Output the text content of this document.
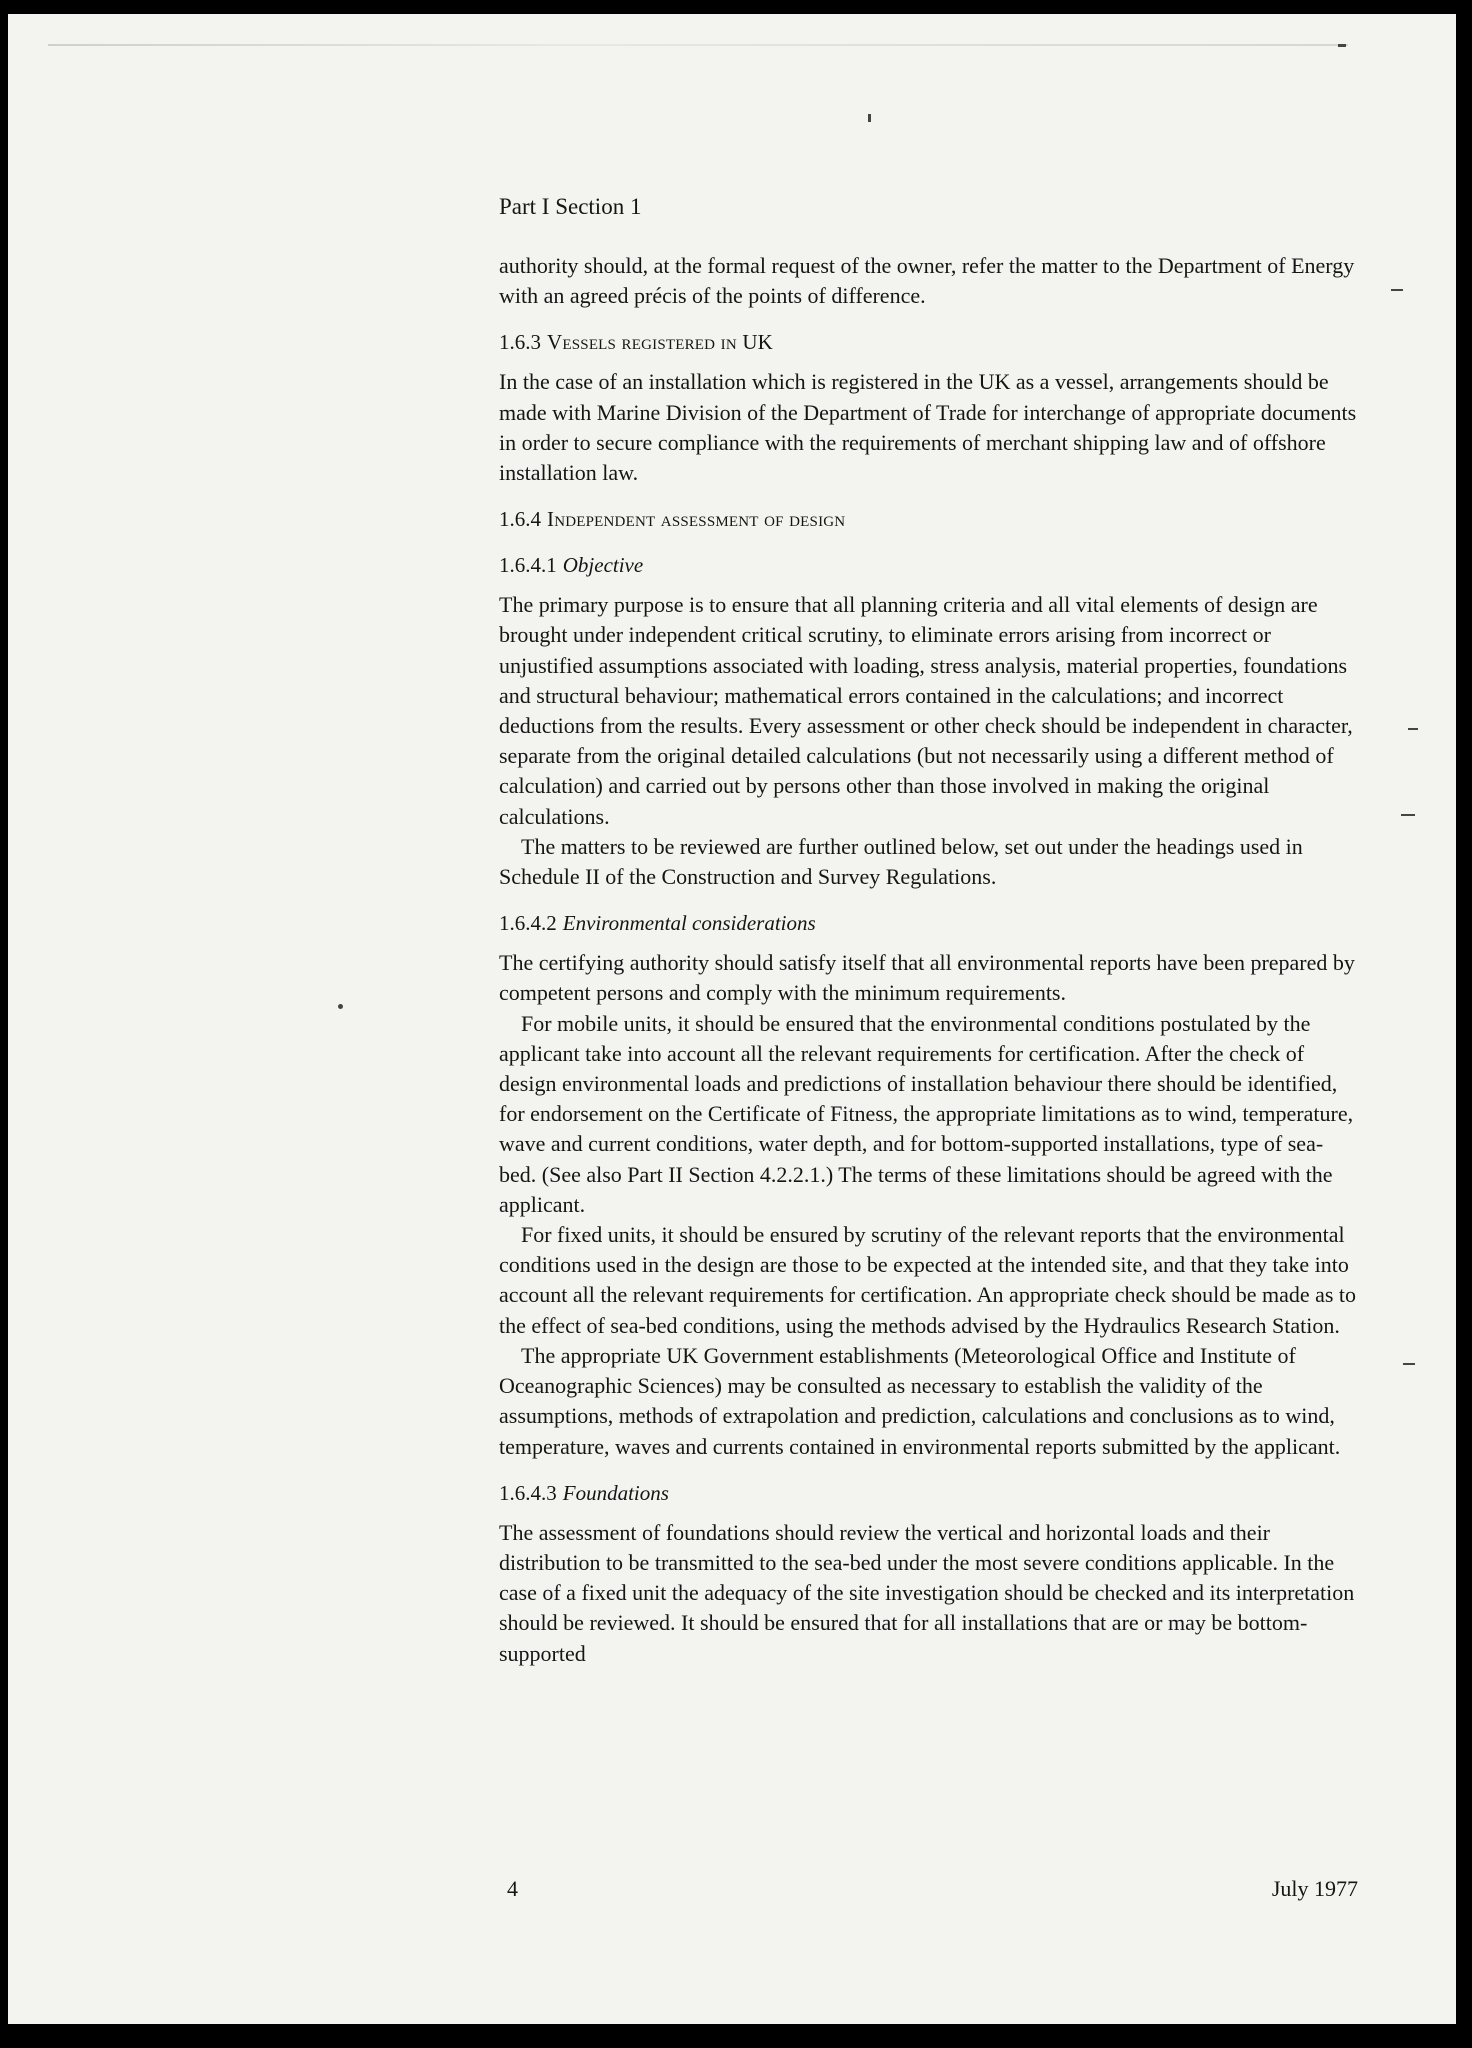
Part I Section 1

authority should, at the formal request of the owner, refer the matter to the Department of Energy with an agreed précis of the points of difference.

1.6.3 Vessels registered in UK

In the case of an installation which is registered in the UK as a vessel, arrangements should be made with Marine Division of the Department of Trade for interchange of appropriate documents in order to secure compliance with the requirements of merchant shipping law and of offshore installation law.

1.6.4 Independent assessment of design
1.6.4.1 Objective

The primary purpose is to ensure that all planning criteria and all vital elements of design are brought under independent critical scrutiny, to eliminate errors arising from incorrect or unjustified assumptions associated with loading, stress analysis, material properties, foundations and structural behaviour; mathematical errors contained in the calculations; and incorrect deductions from the results. Every assessment or other check should be independent in character, separate from the original detailed calculations (but not necessarily using a different method of calculation) and carried out by persons other than those involved in making the original calculations.

The matters to be reviewed are further outlined below, set out under the headings used in Schedule II of the Construction and Survey Regulations.

1.6.4.2 Environmental considerations

The certifying authority should satisfy itself that all environmental reports have been prepared by competent persons and comply with the minimum requirements.

For mobile units, it should be ensured that the environmental conditions postulated by the applicant take into account all the relevant requirements for certification. After the check of design environmental loads and predictions of installation behaviour there should be identified, for endorsement on the Certificate of Fitness, the appropriate limitations as to wind, temperature, wave and current conditions, water depth, and for bottom-supported installations, type of sea-bed. (See also Part II Section 4.2.2.1.) The terms of these limitations should be agreed with the applicant.

For fixed units, it should be ensured by scrutiny of the relevant reports that the environmental conditions used in the design are those to be expected at the intended site, and that they take into account all the relevant requirements for certification. An appropriate check should be made as to the effect of sea-bed conditions, using the methods advised by the Hydraulics Research Station.

The appropriate UK Government establishments (Meteorological Office and Institute of Oceanographic Sciences) may be consulted as necessary to establish the validity of the assumptions, methods of extrapolation and prediction, calculations and conclusions as to wind, temperature, waves and currents contained in environmental reports submitted by the applicant.

1.6.4.3 Foundations

The assessment of foundations should review the vertical and horizontal loads and their distribution to be transmitted to the sea-bed under the most severe conditions applicable. In the case of a fixed unit the adequacy of the site investigation should be checked and its interpretation should be reviewed. It should be ensured that for all installations that are or may be bottom-supported

4	July 1977
